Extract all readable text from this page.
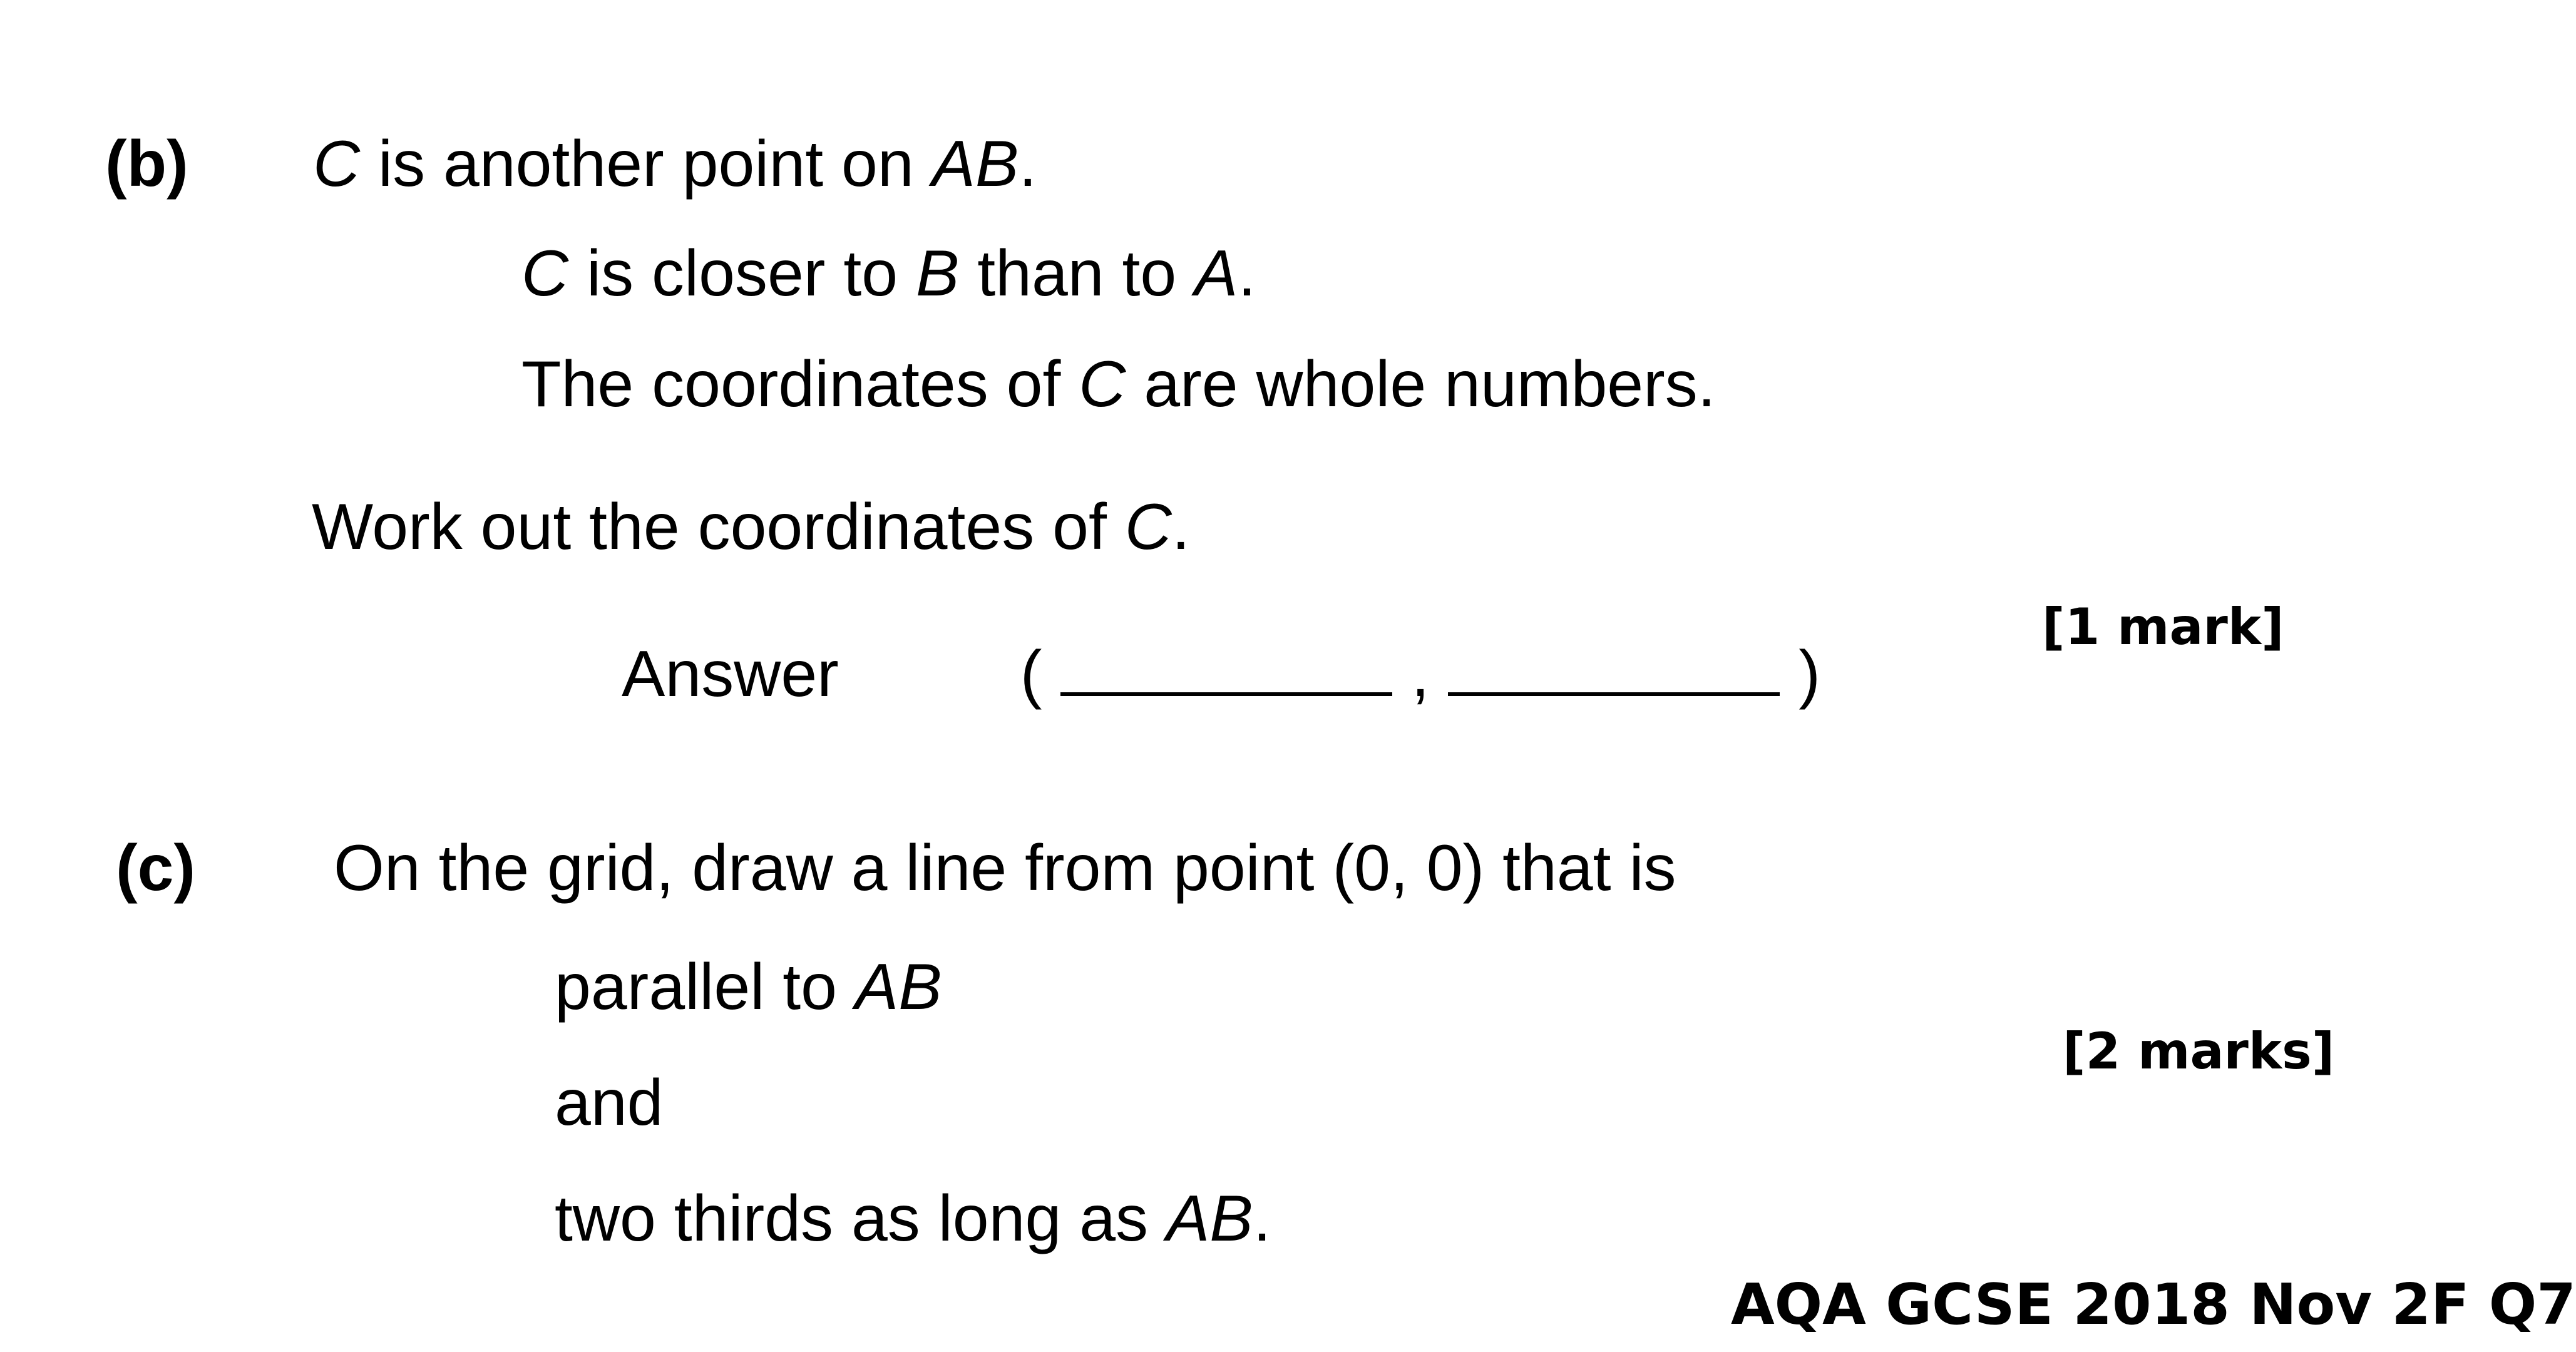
(b) C is another point on AB.
C is closer to B than to A.
The coordinates of C are whole numbers.
Work out the coordinates of C.
[1 mark]
Answer	(	,	)
(c) On the grid, draw a line from point (0, 0) that is
parallel to AB
[2 marks]
and
two thirds as long as AB.
AQA GCSE 2018 Nov 2F Q7
